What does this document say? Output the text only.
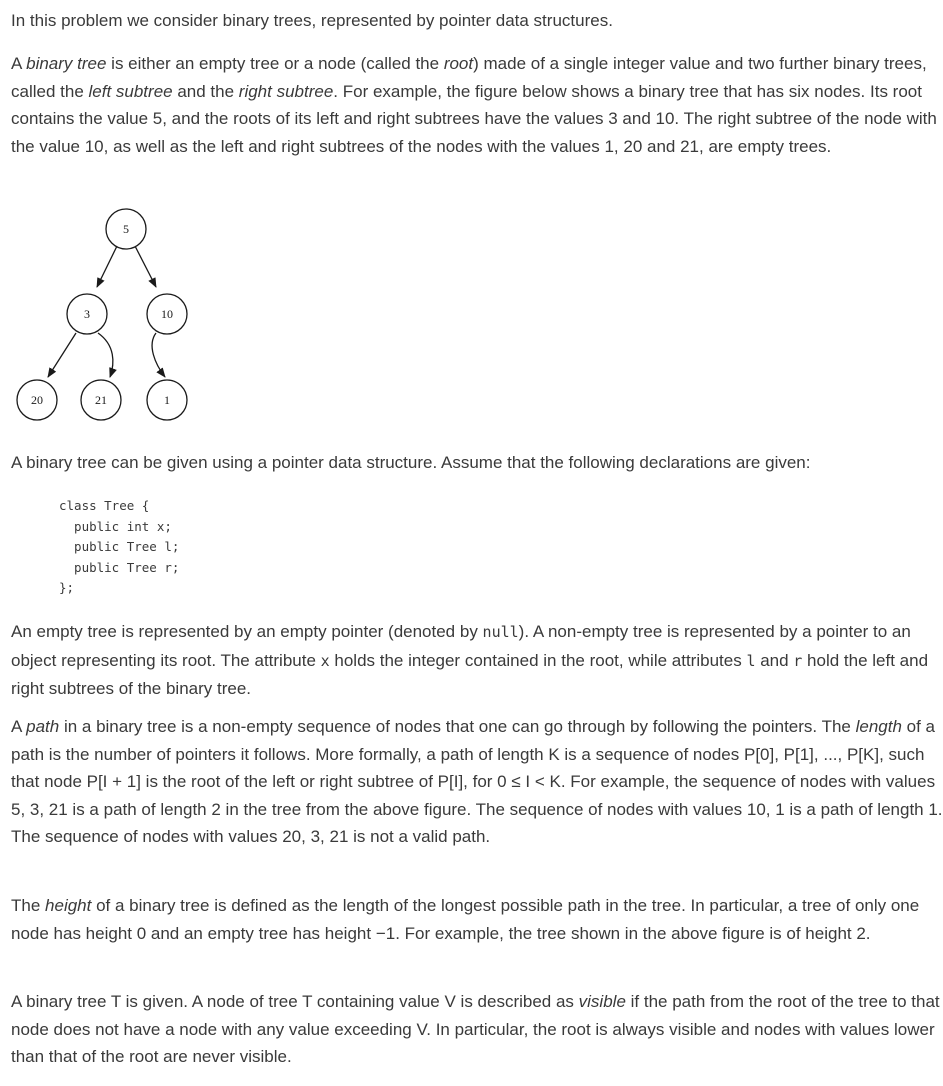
In this problem we consider binary trees, represented by pointer data structures.

A binary tree is either an empty tree or a node (called the root) made of a single integer value and two further binary trees, called the left subtree and the right subtree. For example, the figure below shows a binary tree that has six nodes. Its root contains the value 5, and the roots of its left and right subtrees have the values 3 and 10. The right subtree of the node with the value 10, as well as the left and right subtrees of the nodes with the values 1, 20 and 21, are empty trees.

5
3	10
20	21	1

A binary tree can be given using a pointer data structure. Assume that the following declarations are given:

class Tree {
public int x;
public Tree l;
public Tree r;
};

An empty tree is represented by an empty pointer (denoted by null). A non-empty tree is represented by a pointer to an object representing its root. The attribute x holds the integer contained in the root, while attributes l and r hold the left and right subtrees of the binary tree.

A path in a binary tree is a non-empty sequence of nodes that one can go through by following the pointers. The length of a path is the number of pointers it follows. More formally, a path of length K is a sequence of nodes P[0], P[1], ..., P[K], such that node P[I + 1] is the root of the left or right subtree of P[I], for 0 ≤ I < K. For example, the sequence of nodes with values 5, 3, 21 is a path of length 2 in the tree from the above figure. The sequence of nodes with values 10, 1 is a path of length 1. The sequence of nodes with values 20, 3, 21 is not a valid path.

The height of a binary tree is defined as the length of the longest possible path in the tree. In particular, a tree of only one node has height 0 and an empty tree has height −1. For example, the tree shown in the above figure is of height 2.

A binary tree T is given. A node of tree T containing value V is described as visible if the path from the root of the tree to that node does not have a node with any value exceeding V. In particular, the root is always visible and nodes with values lower than that of the root are never visible.
